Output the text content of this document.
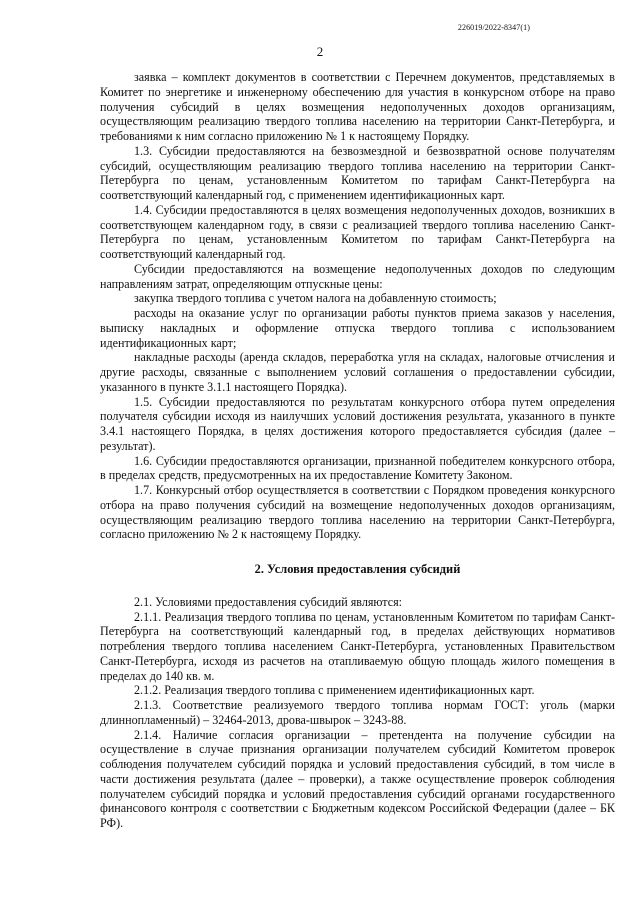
226019/2022-8347(1)
2

заявка – комплект документов в соответствии с Перечнем документов, представляемых в Комитет по энергетике и инженерному обеспечению для участия в конкурсном отборе на право получения субсидий в целях возмещения недополученных доходов организациям, осуществляющим реализацию твердого топлива населению на территории Санкт-Петербурга, и требованиями к ним согласно приложению № 1 к настоящему Порядку.

1.3. Субсидии предоставляются на безвозмездной и безвозвратной основе получателям субсидий, осуществляющим реализацию твердого топлива населению на территории Санкт-Петербурга по ценам, установленным Комитетом по тарифам Санкт-Петербурга на соответствующий календарный год, с применением идентификационных карт.

1.4. Субсидии предоставляются в целях возмещения недополученных доходов, возникших в соответствующем календарном году, в связи с реализацией твердого топлива населению Санкт-Петербурга по ценам, установленным Комитетом по тарифам Санкт-Петербурга на соответствующий календарный год.

Субсидии предоставляются на возмещение недополученных доходов по следующим направлениям затрат, определяющим отпускные цены:

закупка твердого топлива с учетом налога на добавленную стоимость;

расходы на оказание услуг по организации работы пунктов приема заказов у населения, выписку накладных и оформление отпуска твердого топлива с использованием идентификационных карт;

накладные расходы (аренда складов, переработка угля на складах, налоговые отчисления и другие расходы, связанные с выполнением условий соглашения о предоставлении субсидии, указанного в пункте 3.1.1 настоящего Порядка).

1.5. Субсидии предоставляются по результатам конкурсного отбора путем определения получателя субсидии исходя из наилучших условий достижения результата, указанного в пункте 3.4.1 настоящего Порядка, в целях достижения которого предоставляется субсидия (далее – результат).

1.6. Субсидии предоставляются организации, признанной победителем конкурсного отбора, в пределах средств, предусмотренных на их предоставление Комитету Законом.

1.7. Конкурсный отбор осуществляется в соответствии с Порядком проведения конкурсного отбора на право получения субсидий на возмещение недополученных доходов организациям, осуществляющим реализацию твердого топлива населению на территории Санкт-Петербурга, согласно приложению № 2 к настоящему Порядку.

2. Условия предоставления субсидий

2.1. Условиями предоставления субсидий являются:

2.1.1. Реализация твердого топлива по ценам, установленным Комитетом по тарифам Санкт-Петербурга на соответствующий календарный год, в пределах действующих нормативов потребления твердого топлива населением Санкт-Петербурга, установленных Правительством Санкт-Петербурга, исходя из расчетов на отапливаемую общую площадь жилого помещения в пределах до 140 кв. м.

2.1.2. Реализация твердого топлива с применением идентификационных карт.

2.1.3. Соответствие реализуемого твердого топлива нормам ГОСТ: уголь (марки длиннопламенный) – 32464-2013, дрова-швырок – 3243-88.

2.1.4. Наличие согласия организации – претендента на получение субсидии на осуществление в случае признания организации получателем субсидий Комитетом проверок соблюдения получателем субсидий порядка и условий предоставления субсидий, в том числе в части достижения результата (далее – проверки), а также осуществление проверок соблюдения получателем субсидий порядка и условий предоставления субсидий органами государственного финансового контроля с соответствии с Бюджетным кодексом Российской Федерации (далее – БК РФ).
